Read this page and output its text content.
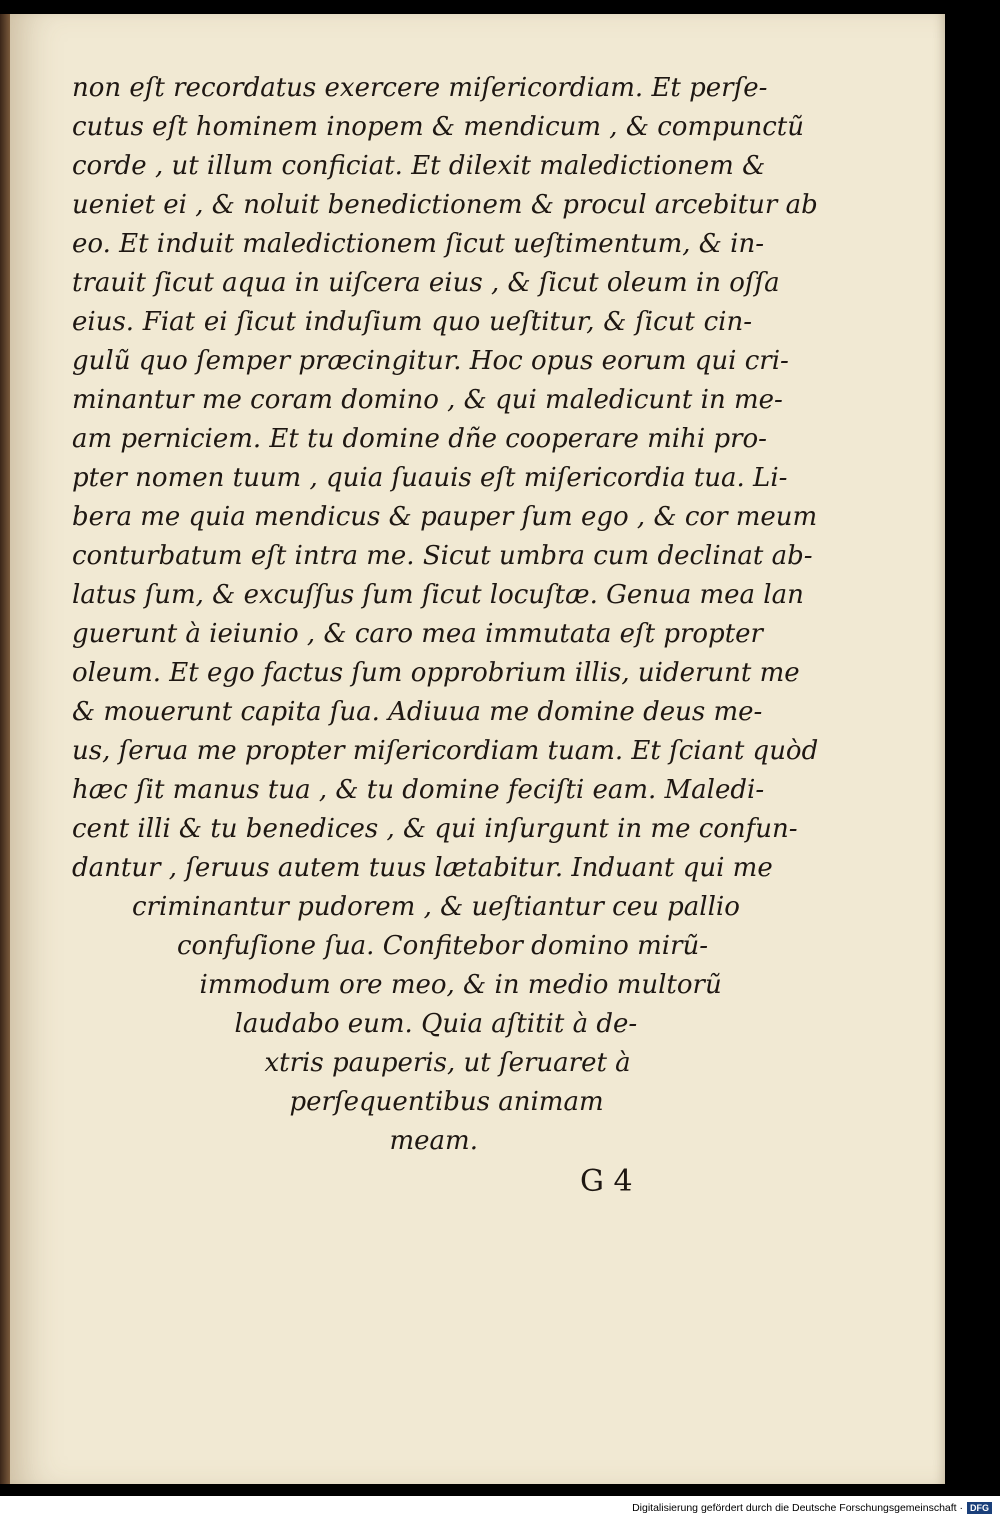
non eſt recordatus exercere miſericordiam. Et perſe-
cutus eſt hominem inopem & mendicum , & compunctũ
corde , ut illum conficiat. Et dilexit maledictionem &
ueniet ei , & noluit benedictionem & procul arcebitur ab
eo. Et induit maledictionem ſicut ueſtimentum, & in-
trauit ſicut aqua in uiſcera eius , & ſicut oleum in oſſa
eius. Fiat ei ſicut induſium quo ueſtitur, & ſicut cin-
gulũ quo ſemper præcingitur. Hoc opus eorum qui cri-
minantur me coram domino , & qui maledicunt in me-
am perniciem. Et tu domine dñe cooperare mihi pro-
pter nomen tuum , quia ſuauis eſt miſericordia tua. Li-
bera me quia mendicus & pauper ſum ego , & cor meum
conturbatum eſt intra me. Sicut umbra cum declinat ab-
latus ſum, & excuſſus ſum ſicut locuſtæ. Genua mea lan
guerunt à ieiunio , & caro mea immutata eſt propter
oleum. Et ego factus ſum opprobrium illis, uiderunt me
& mouerunt capita ſua. Adiuua me domine deus me-
us, ſerua me propter miſericordiam tuam. Et ſciant quòd
hæc ſit manus tua , & tu domine feciſti eam. Maledi-
cent illi & tu benedices , & qui inſurgunt in me confun-
dantur , ſeruus autem tuus lætabitur. Induant qui me
criminantur pudorem , & ueſtiantur ceu pallio
confuſione ſua. Confitebor domino mirũ-
immodum ore meo, & in medio multorũ
laudabo eum. Quia aſtitit à de-
xtris pauperis, ut ſeruaret à
perſequentibus animam
meam.
G 4
Digitalisierung gefördert durch die Deutsche Forschungsgemeinschaft · DFG
